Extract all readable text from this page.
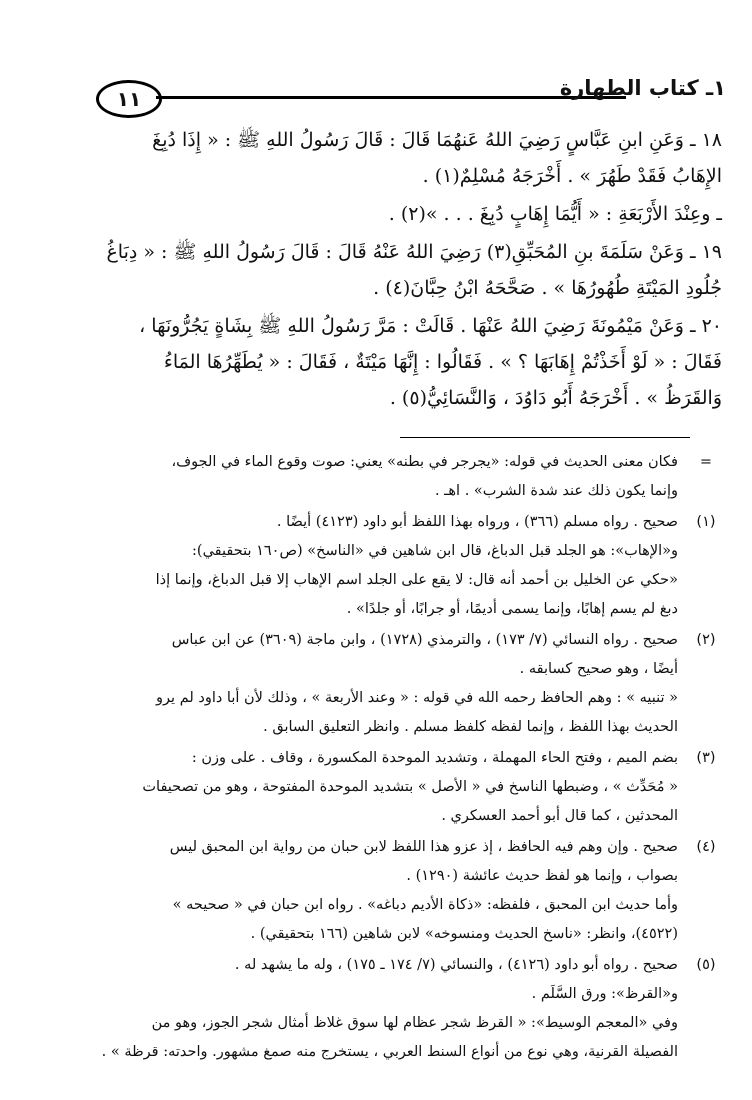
١١	١ـ كتاب الطهارة

١٨ ـ وَعَنِ ابنِ عَبَّاسٍ رَضِيَ اللهُ عَنهُمَا قَالَ : قَالَ رَسُولُ اللهِ ﷺ : « إِذَا دُبِغَ
الإِهَابُ فَقَدْ طَهُرَ » . أَخْرَجَهُ مُسْلِمٌ(١) .

ـ وعِنْدَ الأَرْبَعَةِ : « أَيُّمَا إِهَابٍ دُبِغَ . . . »(٢) .

١٩ ـ وَعَنْ سَلَمَةَ بنِ المُحَبِّقِ(٣) رَضِيَ اللهُ عَنْهُ قَالَ : قَالَ رَسُولُ اللهِ ﷺ : « دِبَاغُ
جُلُودِ المَيْتَةِ طُهُورُهَا » . صَحَّحَهُ ابْنُ حِبَّانَ(٤) .

٢٠ ـ وَعَنْ مَيْمُونَةَ رَضِيَ اللهُ عَنْهَا . قَالَتْ : مَرَّ رَسُولُ اللهِ ﷺ بِشَاةٍ يَجُرُّونَهَا ،
فَقَالَ : « لَوْ أَخَذْتُمْ إِهَابَهَا ؟ » . فَقَالُوا : إِنَّهَا مَيْتَةٌ ، فَقَالَ : « يُطَهِّرُهَا المَاءُ
وَالقَرَظُ » . أَخْرَجَهُ أَبُو دَاوُدَ ، وَالنَّسَائِيُّ(٥) .

=
فكان معنى الحديث في قوله: «يجرجر في بطنه» يعني: صوت وقوع الماء في الجوف،
وإنما يكون ذلك عند شدة الشرب» . اهـ .
(١)
صحيح . رواه مسلم (٣٦٦) ، ورواه بهذا اللفظ أبو داود (٤١٢٣) أيضًا .
و«الإهاب»: هو الجلد قبل الدباغ، قال ابن شاهين في «الناسخ» (ص١٦٠ بتحقيقي):
«حكي عن الخليل بن أحمد أنه قال: لا يقع على الجلد اسم الإهاب إلا قبل الدباغ، وإنما إذا
دبغ لم يسم إهابًا، وإنما يسمى أديمًا، أو جرابًا، أو جلدًا» .
(٢)
صحيح . رواه النسائي (٧/ ١٧٣) ، والترمذي (١٧٢٨) ، وابن ماجة (٣٦٠٩) عن ابن عباس
أيضًا ، وهو صحيح كسابقه .
« تنبيه » : وهم الحافظ رحمه الله في قوله : « وعند الأربعة » ، وذلك لأن أبا داود لم يرو
الحديث بهذا اللفظ ، وإنما لفظه كلفظ مسلم . وانظر التعليق السابق .
(٣)
بضم الميم ، وفتح الحاء المهملة ، وتشديد الموحدة المكسورة ، وقاف . على وزن :
« مُحَدِّث » ، وضبطها الناسخ في « الأصل » بتشديد الموحدة المفتوحة ، وهو من تصحيفات
المحدثين ، كما قال أبو أحمد العسكري .
(٤)
صحيح . وإن وهم فيه الحافظ ، إذ عزو هذا اللفظ لابن حبان من رواية ابن المحبق ليس
بصواب ، وإنما هو لفظ حديث عائشة (١٢٩٠) .
وأما حديث ابن المحبق ، فلفظه: «ذكاة الأديم دباغه» . رواه ابن حبان في « صحيحه »
(٤٥٢٢)، وانظر: «ناسخ الحديث ومنسوخه» لابن شاهين (١٦٦ بتحقيقي) .
(٥)
صحيح . رواه أبو داود (٤١٢٦) ، والنسائي (٧/ ١٧٤ ـ ١٧٥) ، وله ما يشهد له .
و«القرظ»: ورق السَّلَم .
وفي «المعجم الوسيط»: « القرظ شجر عظام لها سوق غلاظ أمثال شجر الجوز، وهو من
الفصيلة القرنية، وهي نوع من أنواع السنط العربي ، يستخرج منه صمغ مشهور. واحدته: قرظة » .
